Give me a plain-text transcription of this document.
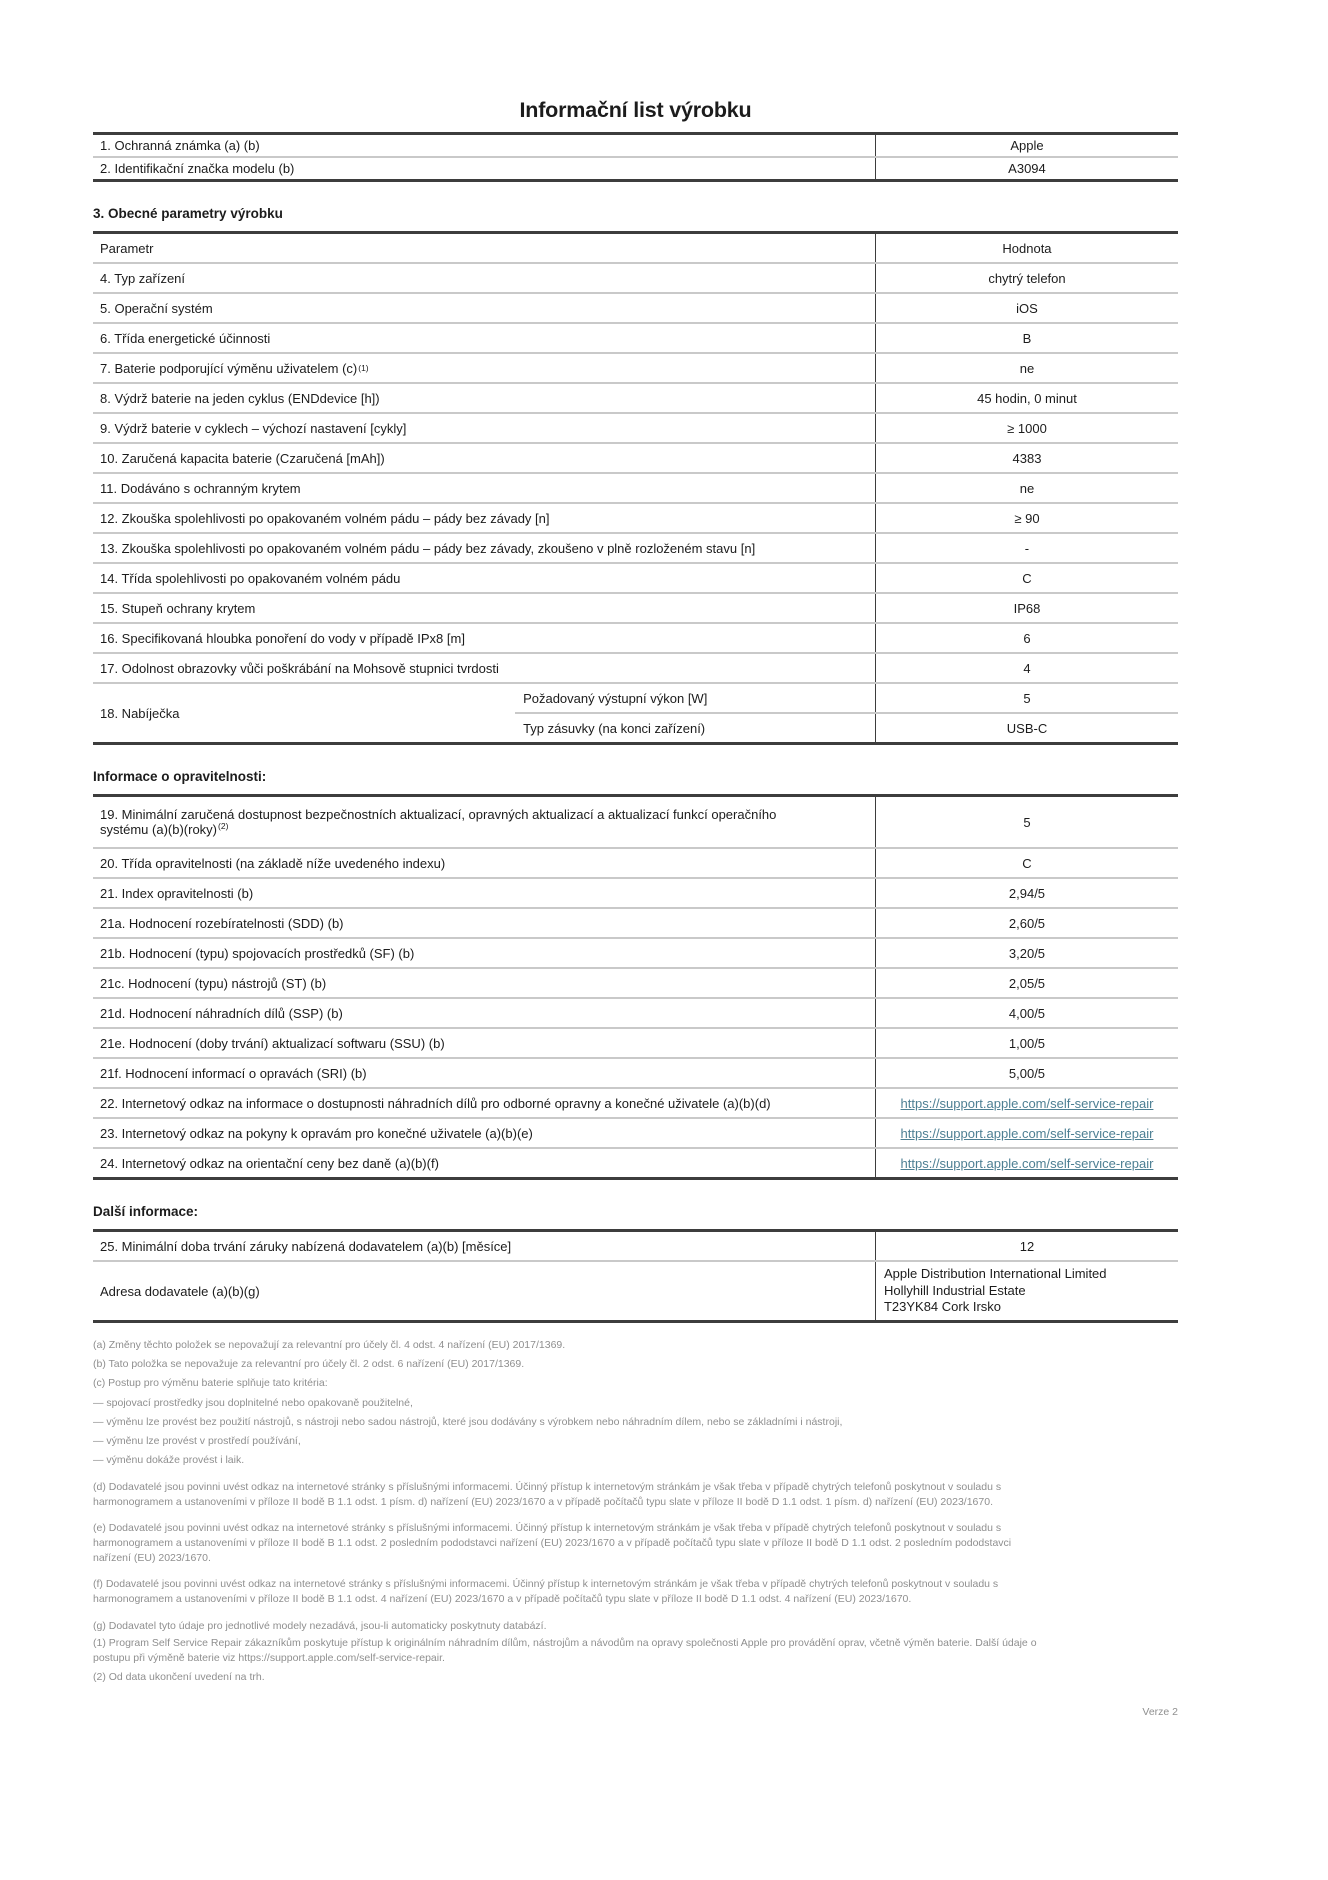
Informační list výrobku
1. Ochranná známka (a) (b)	Apple
2. Identifikační značka modelu (b)	A3094
3. Obecné parametry výrobku
Parametr	Hodnota
4. Typ zařízení	chytrý telefon
5. Operační systém	iOS
6. Třída energetické účinnosti	B
7. Baterie podporující výměnu uživatelem (c) (1)	ne
8. Výdrž baterie na jeden cyklus (ENDdevice [h])	45 hodin, 0 minut
9. Výdrž baterie v cyklech – výchozí nastavení [cykly]	≥ 1000
10. Zaručená kapacita baterie (Czaručená [mAh])	4383
11. Dodáváno s ochranným krytem	ne
12. Zkouška spolehlivosti po opakovaném volném pádu – pády bez závady [n]	≥ 90
13. Zkouška spolehlivosti po opakovaném volném pádu – pády bez závady, zkoušeno v plně rozloženém stavu [n]	-
14. Třída spolehlivosti po opakovaném volném pádu	C
15. Stupeň ochrany krytem	IP68
16. Specifikovaná hloubka ponoření do vody v případě IPx8 [m]	6
17. Odolnost obrazovky vůči poškrábání na Mohsově stupnici tvrdosti	4
18. Nabíječka
Požadovaný výstupní výkon [W]	5
Typ zásuvky (na konci zařízení)	USB-C
Informace o opravitelnosti:
19. Minimální zaručená dostupnost bezpečnostních aktualizací, opravných aktualizací a aktualizací funkcí operačního systému (a)(b)(roky)$^{(2)}$	5
20. Třída opravitelnosti (na základě níže uvedeného indexu)	C
21. Index opravitelnosti (b)	2,94/5
21a. Hodnocení rozebíratelnosti (SDD) (b)	2,60/5
21b. Hodnocení (typu) spojovacích prostředků (SF) (b)	3,20/5
21c. Hodnocení (typu) nástrojů (ST) (b)	2,05/5
21d. Hodnocení náhradních dílů (SSP) (b)	4,00/5
21e. Hodnocení (doby trvání) aktualizací softwaru (SSU) (b)	1,00/5
21f. Hodnocení informací o opravách (SRI) (b)	5,00/5
22. Internetový odkaz na informace o dostupnosti náhradních dílů pro odborné opravny a konečné uživatele (a)(b)(d)	https://support.apple.com/self-service-repair
23. Internetový odkaz na pokyny k opravám pro konečné uživatele (a)(b)(e)	https://support.apple.com/self-service-repair
24. Internetový odkaz na orientační ceny bez daně (a)(b)(f)	https://support.apple.com/self-service-repair
Další informace:
25. Minimální doba trvání záruky nabízená dodavatelem (a)(b) [měsíce]	12
Adresa dodavatele (a)(b)(g)
Apple Distribution International Limited
Hollyhill Industrial Estate
T23YK84 Cork Irsko

(a) Změny těchto položek se nepovažují za relevantní pro účely čl. 4 odst. 4 nařízení (EU) 2017/1369.

(b) Tato položka se nepovažuje za relevantní pro účely čl. 2 odst. 6 nařízení (EU) 2017/1369.

(c) Postup pro výměnu baterie splňuje tato kritéria:

— spojovací prostředky jsou doplnitelné nebo opakovaně použitelné,

— výměnu lze provést bez použití nástrojů, s nástroji nebo sadou nástrojů, které jsou dodávány s výrobkem nebo náhradním dílem, nebo se základními i nástroji,

— výměnu lze provést v prostředí používání,

— výměnu dokáže provést i laik.

(d) Dodavatelé jsou povinni uvést odkaz na internetové stránky s příslušnými informacemi. Účinný přístup k internetovým stránkám je však třeba v případě chytrých telefonů poskytnout v souladu s harmonogramem a ustanoveními v příloze II bodě B 1.1 odst. 1 písm. d) nařízení (EU) 2023/1670 a v případě počítačů typu slate v příloze II bodě D 1.1 odst. 1 písm. d) nařízení (EU) 2023/1670.

(e) Dodavatelé jsou povinni uvést odkaz na internetové stránky s příslušnými informacemi. Účinný přístup k internetovým stránkám je však třeba v případě chytrých telefonů poskytnout v souladu s harmonogramem a ustanoveními v příloze II bodě B 1.1 odst. 2 posledním pododstavci nařízení (EU) 2023/1670 a v případě počítačů typu slate v příloze II bodě D 1.1 odst. 2 posledním pododstavci nařízení (EU) 2023/1670.

(f) Dodavatelé jsou povinni uvést odkaz na internetové stránky s příslušnými informacemi. Účinný přístup k internetovým stránkám je však třeba v případě chytrých telefonů poskytnout v souladu s harmonogramem a ustanoveními v příloze II bodě B 1.1 odst. 4 nařízení (EU) 2023/1670 a v případě počítačů typu slate v příloze II bodě D 1.1 odst. 4 nařízení (EU) 2023/1670.

(g) Dodavatel tyto údaje pro jednotlivé modely nezadává, jsou-li automaticky poskytnuty databází.

(1) Program Self Service Repair zákazníkům poskytuje přístup k originálním náhradním dílům, nástrojům a návodům na opravy společnosti Apple pro provádění oprav, včetně výměn baterie. Další údaje o postupu při výměně baterie viz https://support.apple.com/self-service-repair.

(2) Od data ukončení uvedení na trh.

Verze 2
